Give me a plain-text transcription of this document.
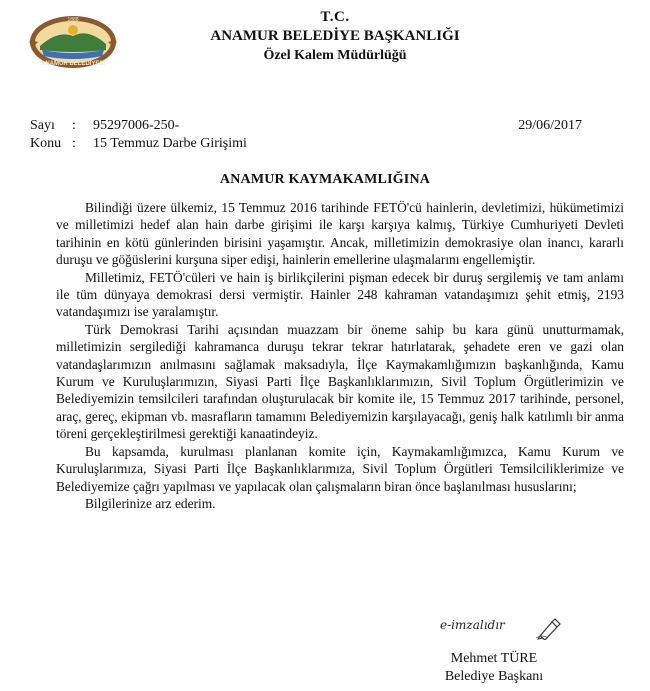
1888
ANAMUR BELEDİYESİ
T.C.
ANAMUR BELEDİYE BAŞKANLIĞI
Özel Kalem Müdürlüğü
Sayı : 95297006-250-	29/06/2017
Konu : 15 Temmuz Darbe Girişimi
ANAMUR KAYMAKAMLIĞINA

Bilindiği üzere ülkemiz, 15 Temmuz 2016 tarihinde FETÖ'cü hainlerin, devletimizi, hükümetimizi ve milletimizi hedef alan hain darbe girişimi ile karşı karşıya kalmış, Türkiye Cumhuriyeti Devleti tarihinin en kötü günlerinden birisini yaşamıştır. Ancak, milletimizin demokrasiye olan inancı, kararlı duruşu ve göğüslerini kurşuna siper edişi, hainlerin emellerine ulaşmalarını engellemiştir.

Milletimiz, FETÖ'cüleri ve hain iş birlikçilerini pişman edecek bir duruş sergilemiş ve tam anlamı ile tüm dünyaya demokrasi dersi vermiştir. Hainler 248 kahraman vatandaşımızı şehit etmiş, 2193 vatandaşımızı ise yaralamıştır.

Türk Demokrasi Tarihi açısından muazzam bir öneme sahip bu kara günü unutturmamak, milletimizin sergilediği kahramanca duruşu tekrar tekrar hatırlatarak, şehadete eren ve gazi olan vatandaşlarımızın anılmasını sağlamak maksadıyla, İlçe Kaymakamlığımızın başkanlığında, Kamu Kurum ve Kuruluşlarımızın, Siyasi Parti İlçe Başkanlıklarımızın, Sivil Toplum Örgütlerimizin ve Belediyemizin temsilcileri tarafından oluşturulacak bir komite ile, 15 Temmuz 2017 tarihinde, personel, araç, gereç, ekipman vb. masrafların tamamını Belediyemizin karşılayacağı, geniş halk katılımlı bir anma töreni gerçekleştirilmesi gerektiği kanaatindeyiz.

Bu kapsamda, kurulması planlanan komite için, Kaymakamlığımızca, Kamu Kurum ve Kuruluşlarımıza, Siyasi Parti İlçe Başkanlıklarımıza, Sivil Toplum Örgütleri Temsilciliklerimize ve Belediyemize çağrı yapılması ve yapılacak olan çalışmaların biran önce başlanılması hususlarını;

Bilgilerinize arz ederim.

e-imzalıdır
Mehmet TÜRE
Belediye Başkanı
